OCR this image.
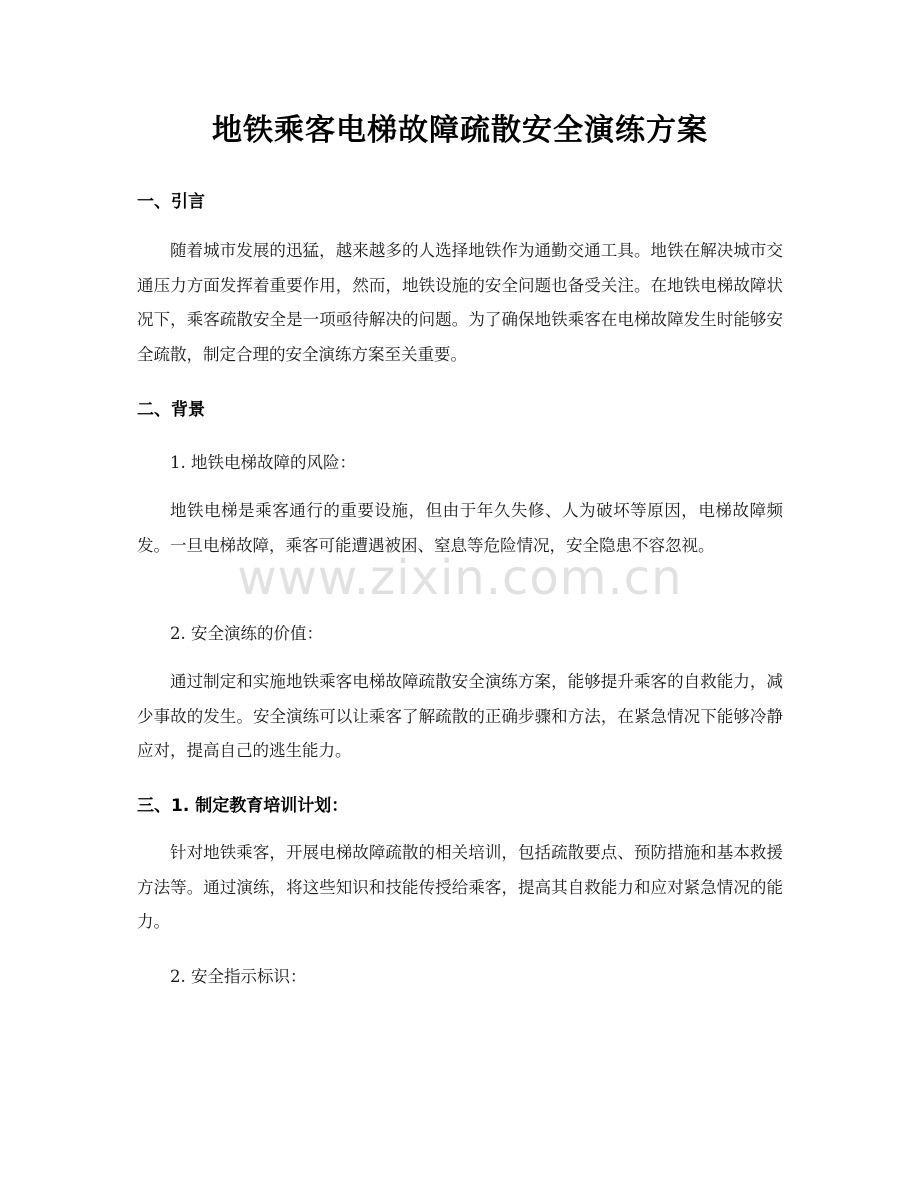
地铁乘客电梯故障疏散安全演练方案
一、引言

随着城市发展的迅猛，越来越多的人选择地铁作为通勤交通工具。地铁在解决城市交通压力方面发挥着重要作用，然而，地铁设施的安全问题也备受关注。在地铁电梯故障状况下，乘客疏散安全是一项亟待解决的问题。为了确保地铁乘客在电梯故障发生时能够安全疏散，制定合理的安全演练方案至关重要。

二、背景

1. 地铁电梯故障的风险：

地铁电梯是乘客通行的重要设施，但由于年久失修、人为破坏等原因，电梯故障频发。一旦电梯故障，乘客可能遭遇被困、窒息等危险情况，安全隐患不容忽视。

2. 安全演练的价值：

通过制定和实施地铁乘客电梯故障疏散安全演练方案，能够提升乘客的自救能力，减少事故的发生。安全演练可以让乘客了解疏散的正确步骤和方法，在紧急情况下能够冷静应对，提高自己的逃生能力。

三、1. 制定教育培训计划：

针对地铁乘客，开展电梯故障疏散的相关培训，包括疏散要点、预防措施和基本救援方法等。通过演练，将这些知识和技能传授给乘客，提高其自救能力和应对紧急情况的能力。

2. 安全指示标识：

www.zixin.com.cn
